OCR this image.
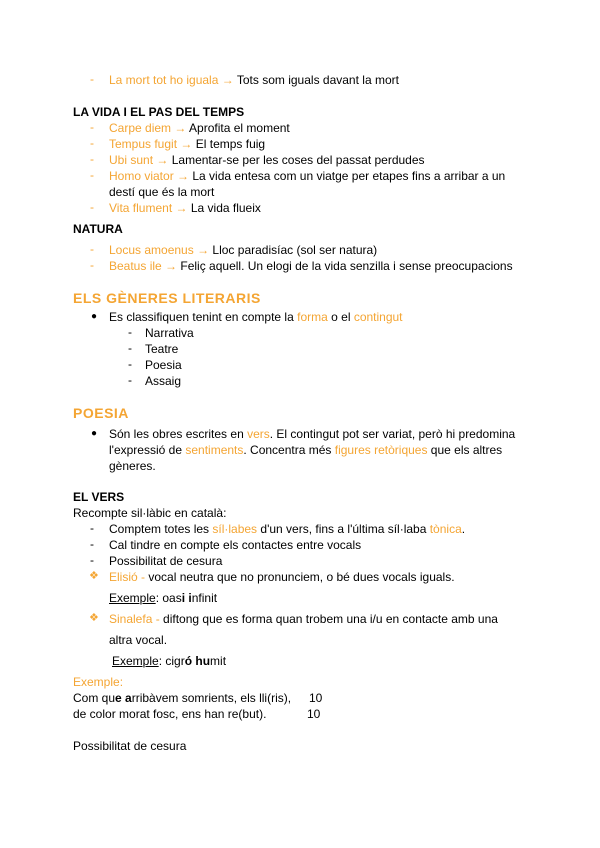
-	La mort tot ho iguala → Tots som iguals davant la mort
LA VIDA I EL PAS DEL TEMPS
-	Carpe diem → Aprofita el moment
-	Tempus fugit → El temps fuig
-	Ubi sunt → Lamentar-se per les coses del passat perdudes
-	Homo viator → La vida entesa com un viatge per etapes fins a arribar a un
destí que és la mort
-	Vita flument → La vida flueix
NATURA
-	Locus amoenus → Lloc paradisíac (sol ser natura)
-	Beatus ile → Feliç aquell. Un elogi de la vida senzilla i sense preocupacions
ELS GÈNERES LITERARIS
● Es classifiquen tenint en compte la forma o el contingut
-	Narrativa
-	Teatre
-	Poesia
-	Assaig
POESIA
● Són les obres escrites en vers. El contingut pot ser variat, però hi predomina
l'expressió de sentiments. Concentra més figures retòriques que els altres
gèneres.
EL VERS
Recompte sil·làbic en català:
-	Comptem totes les síl·labes d'un vers, fins a l'última síl·laba tònica.
-	Cal tindre en compte els contactes entre vocals
-	Possibilitat de cesura
❖ Elisió - vocal neutra que no pronunciem, o bé dues vocals iguals.
Exemple: oasi infinit
❖ Sinalefa - diftong que es forma quan trobem una i/u en contacte amb una
altra vocal.
Exemple: cigró humit
Exemple:
Com que arribàvem somrients, els lli(ris), 10
de color morat fosc, ens han re(but).	10
Possibilitat de cesura
